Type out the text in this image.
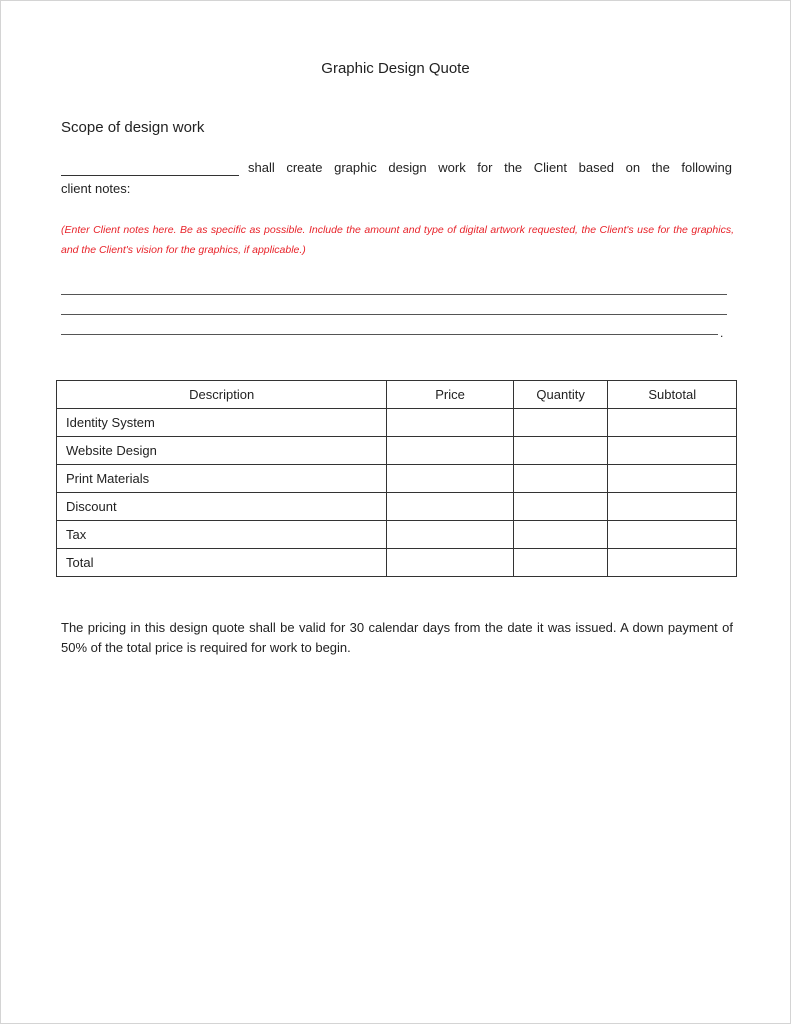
Graphic Design Quote
Scope of design work
shall create graphic design work for the Client based on the following
client notes:
(Enter Client notes here. Be as specific as possible. Include the amount and type of digital artwork requested, the Client's use for the graphics, and the Client's vision for the graphics, if applicable.)
.
Description	Price	Quantity	Subtotal
Identity System			
Website Design			
Print Materials			
Discount			
Tax			
Total			
The pricing in this design quote shall be valid for 30 calendar days from the date it was issued. A down payment of 50% of the total price is required for work to begin.
